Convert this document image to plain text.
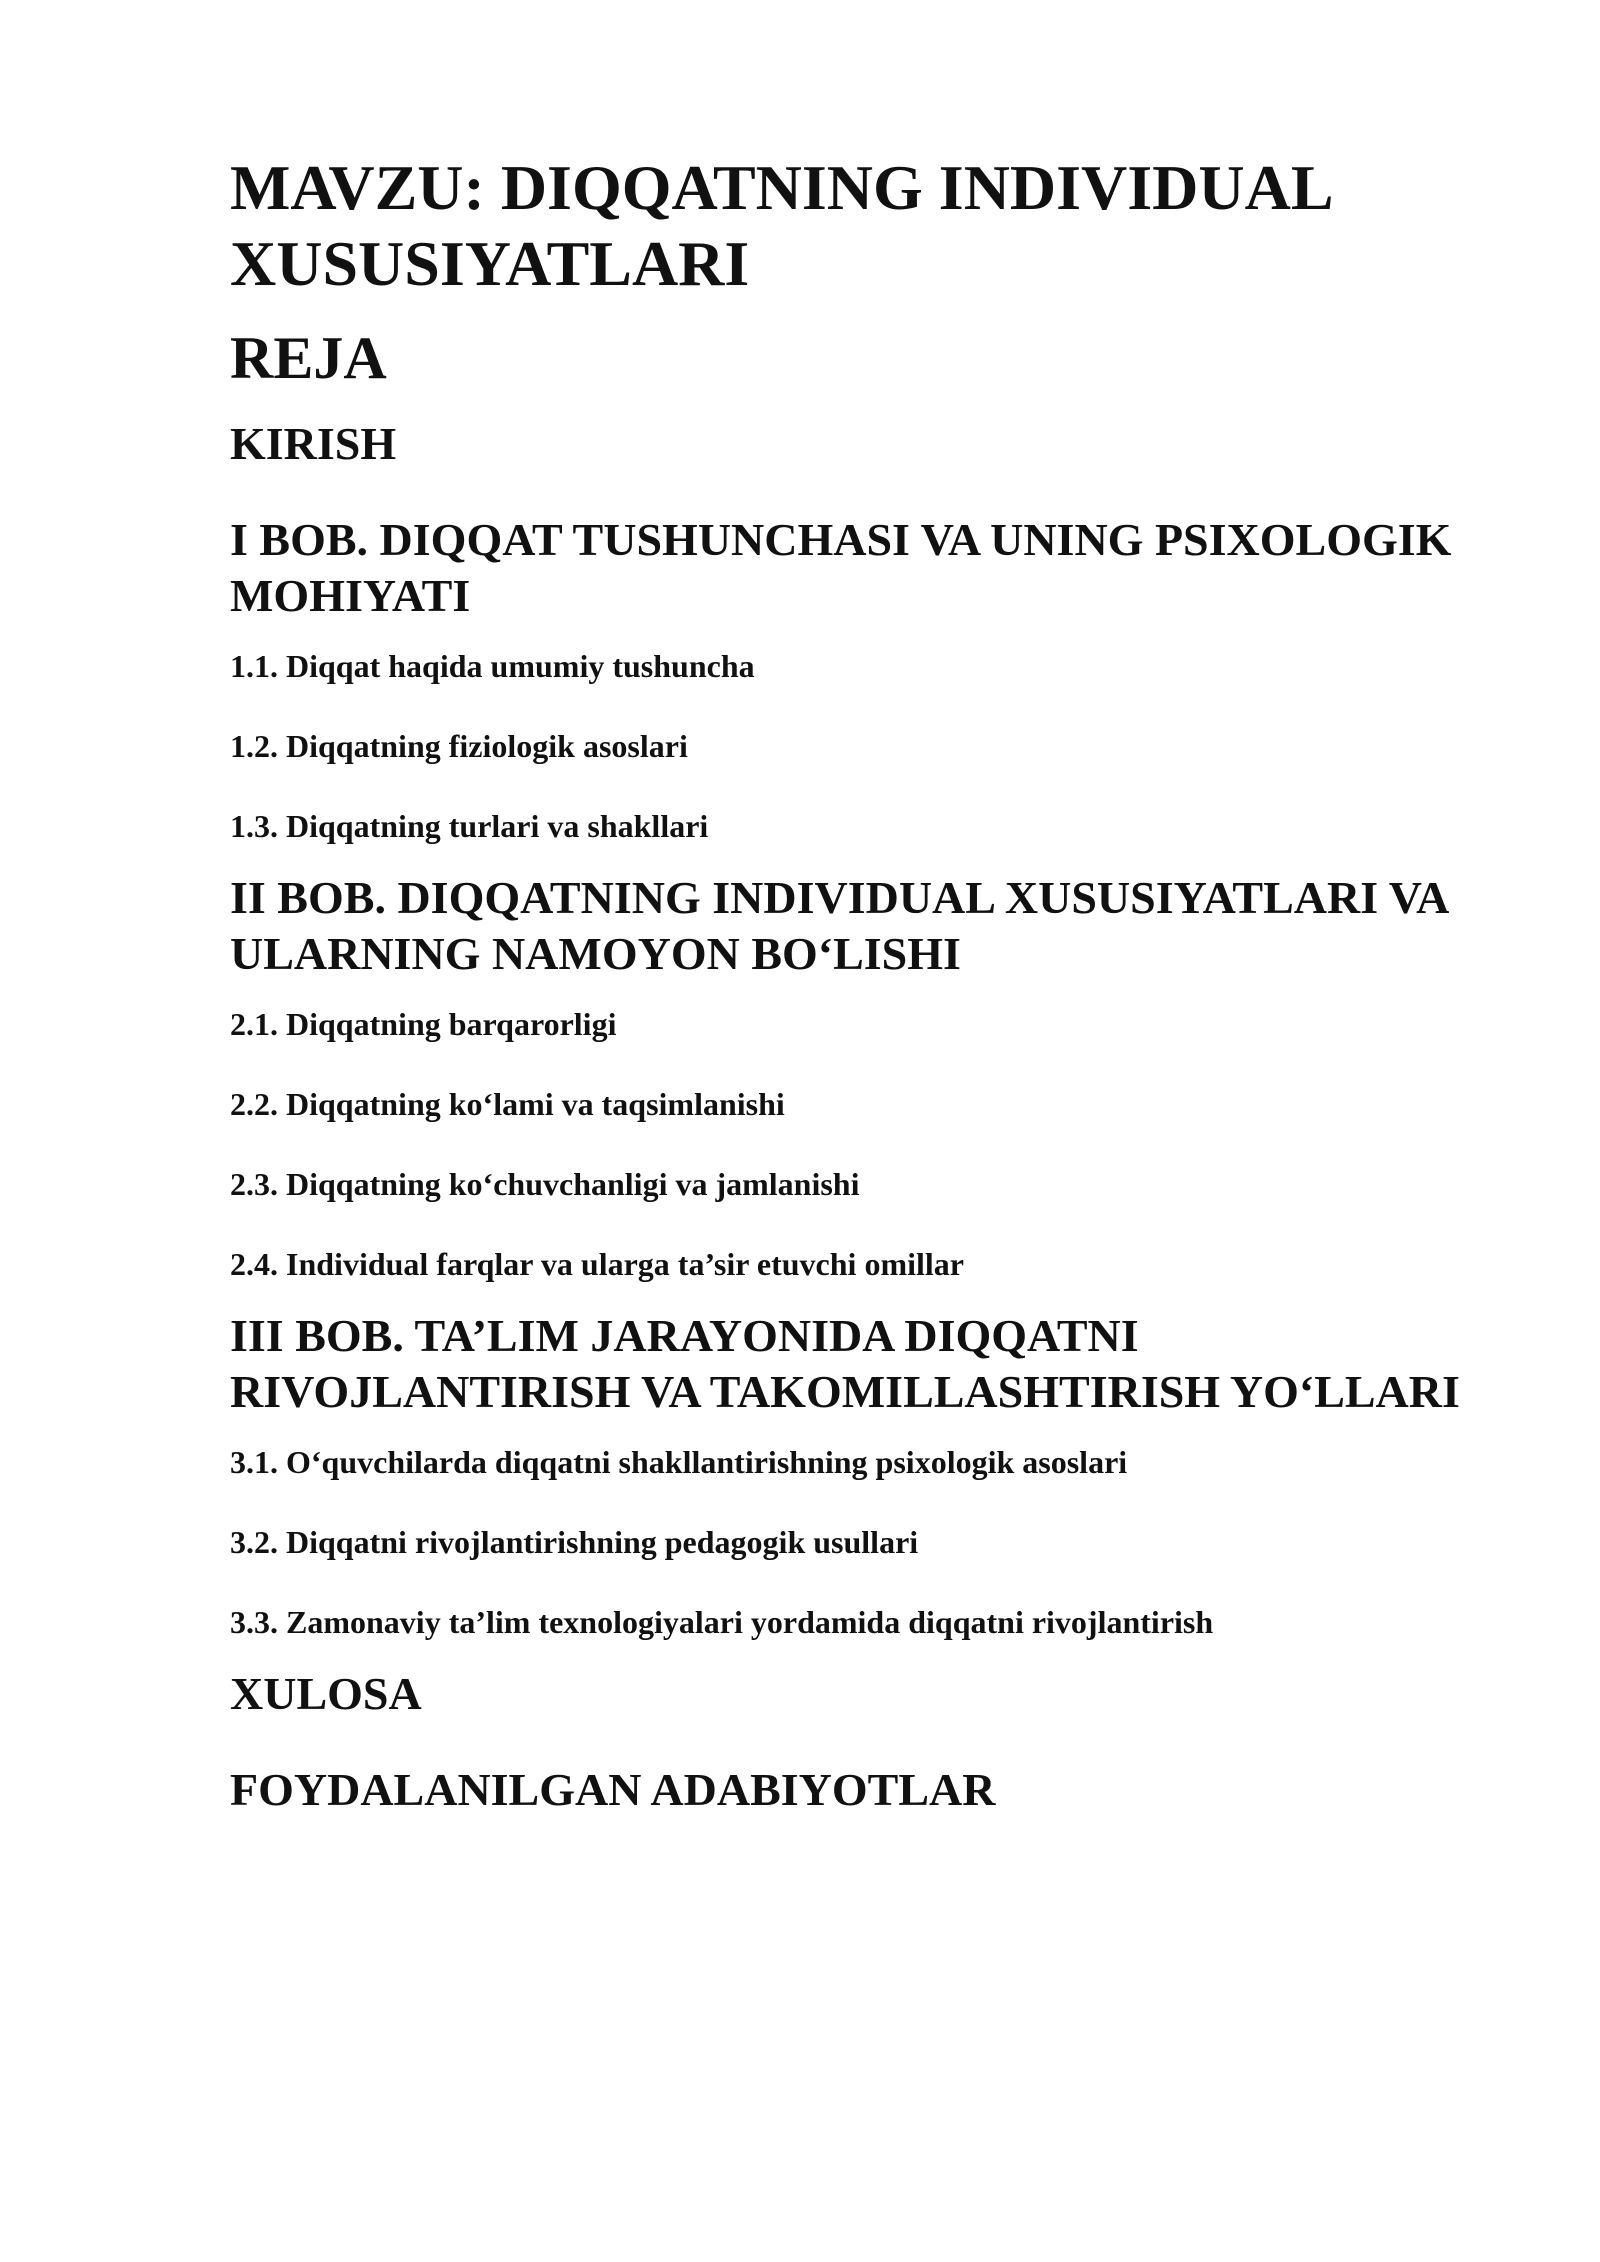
MAVZU: DIQQATNING INDIVIDUAL XUSUSIYATLARI
REJA
KIRISH
I BOB. DIQQAT TUSHUNCHASI VA UNING PSIXOLOGIK MOHIYATI
1.1. Diqqat haqida umumiy tushuncha
1.2. Diqqatning fiziologik asoslari
1.3. Diqqatning turlari va shakllari
II BOB. DIQQATNING INDIVIDUAL XUSUSIYATLARI VA ULARNING NAMOYON BO‘LISHI
2.1. Diqqatning barqarorligi
2.2. Diqqatning ko‘lami va taqsimlanishi
2.3. Diqqatning ko‘chuvchanligi va jamlanishi
2.4. Individual farqlar va ularga ta’sir etuvchi omillar
III BOB. TA’LIM JARAYONIDA DIQQATNI RIVOJLANTIRISH VA TAKOMILLASHTIRISH YO‘LLARI
3.1. O‘quvchilarda diqqatni shakllantirishning psixologik asoslari
3.2. Diqqatni rivojlantirishning pedagogik usullari
3.3. Zamonaviy ta’lim texnologiyalari yordamida diqqatni rivojlantirish
XULOSA
FOYDALANILGAN ADABIYOTLAR
